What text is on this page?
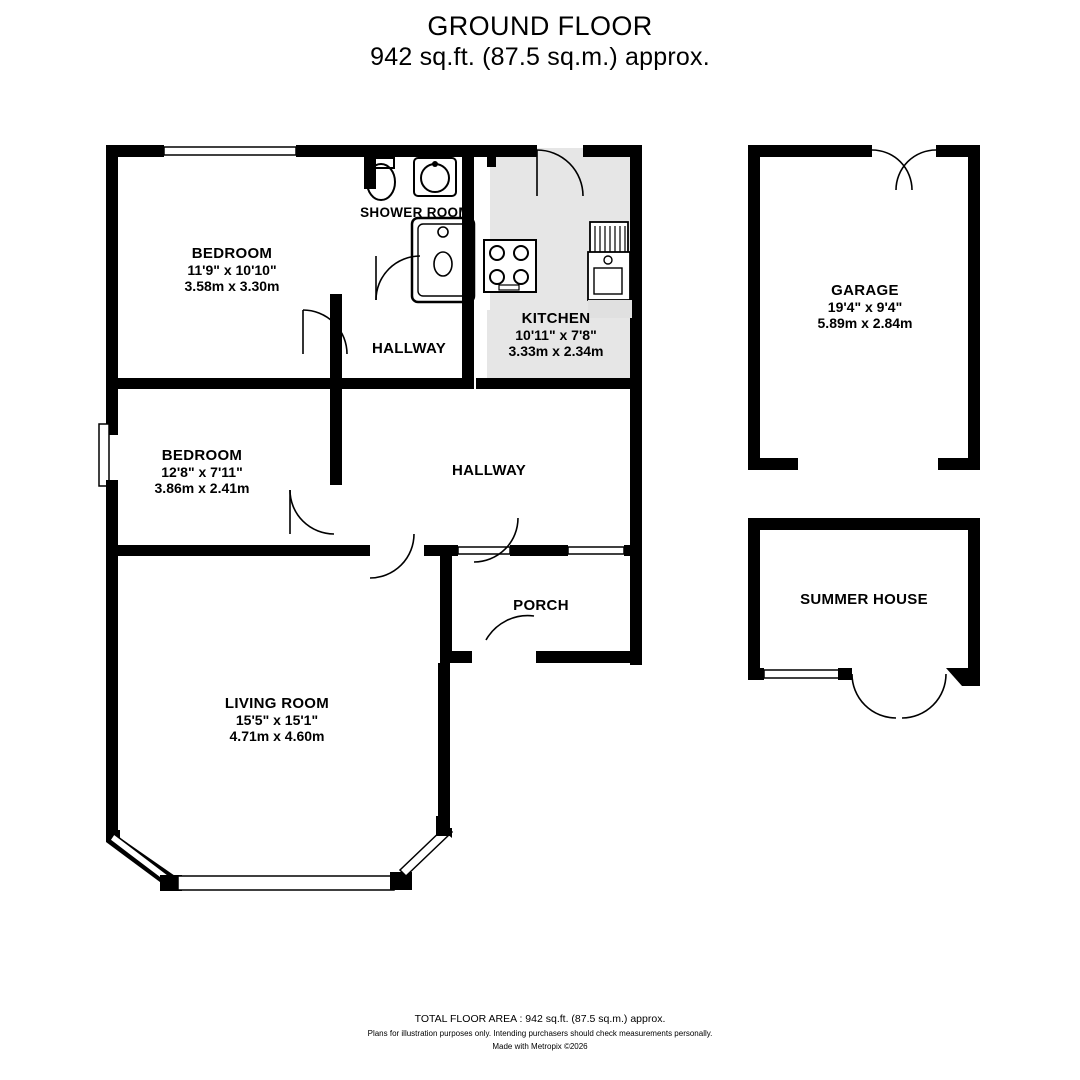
GROUND FLOOR
942 sq.ft. (87.5 sq.m.) approx.
BEDROOM
11'9" x 10'10"
3.58m x 3.30m
SHOWER ROOM
HALLWAY
KITCHEN
10'11" x 7'8"
3.33m x 2.34m
BEDROOM
12'8" x 7'11"
3.86m x 2.41m
HALLWAY
PORCH
LIVING ROOM
15'5" x 15'1"
4.71m x 4.60m
GARAGE
19'4" x 9'4"
5.89m x 2.84m
SUMMER HOUSE
TOTAL FLOOR AREA : 942 sq.ft. (87.5 sq.m.) approx.
Plans for illustration purposes only. Intending purchasers should check measurements personally.
Made with Metropix ©2026
